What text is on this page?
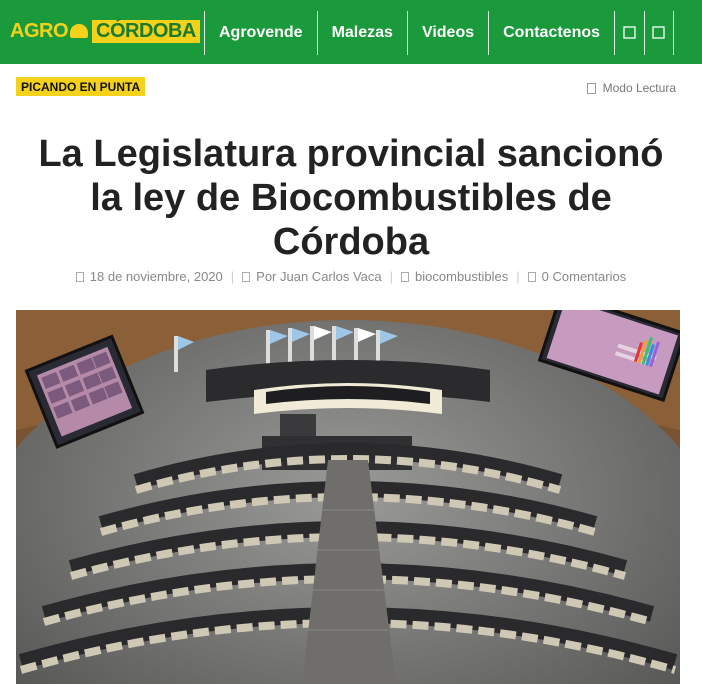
AGRO CÓRDOBA	Agrovende	Malezas	Videos	Contactenos
PICANDO EN PUNTA	Modo Lectura
La Legislatura provincial sancionó la ley de Biocombustibles de Córdoba
18 de noviembre, 2020 | Por Juan Carlos Vaca | biocombustibles | 0 Comentarios
